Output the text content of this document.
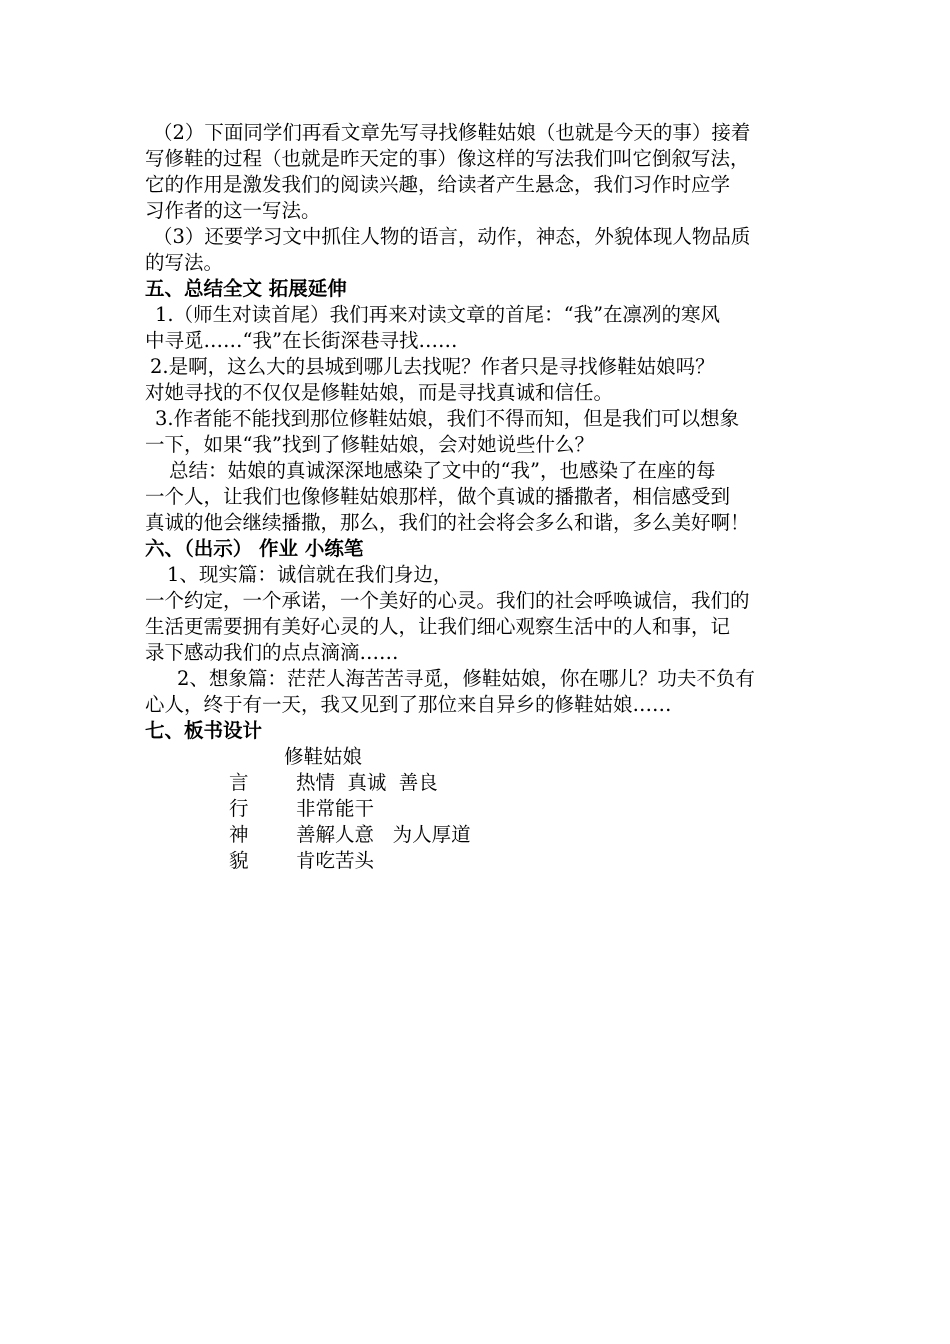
（2）下面同学们再看文章先写寻找修鞋姑娘（也就是今天的事）接着
写修鞋的过程（也就是昨天定的事）像这样的写法我们叫它倒叙写法，
它的作用是激发我们的阅读兴趣，给读者产生悬念，我们习作时应学
习作者的这一写法。
（3）还要学习文中抓住人物的语言，动作，神态，外貌体现人物品质
的写法。
五、总结全文 拓展延伸
1.（师生对读首尾）我们再来对读文章的首尾：“我”在凛冽的寒风
中寻觅……“我”在长街深巷寻找……
2.是啊，这么大的县城到哪儿去找呢？作者只是寻找修鞋姑娘吗？
对她寻找的不仅仅是修鞋姑娘，而是寻找真诚和信任。
3.作者能不能找到那位修鞋姑娘，我们不得而知，但是我们可以想象
一下，如果“我”找到了修鞋姑娘，会对她说些什么？
总结：姑娘的真诚深深地感染了文中的“我”，也感染了在座的每
一个人，让我们也像修鞋姑娘那样，做个真诚的播撒者，相信感受到
真诚的他会继续播撒，那么，我们的社会将会多么和谐，多么美好啊！
六、（出示） 作业 小练笔
1、现实篇：诚信就在我们身边，
一个约定，一个承诺，一个美好的心灵。我们的社会呼唤诚信，我们的
生活更需要拥有美好心灵的人，让我们细心观察生活中的人和事，记
录下感动我们的点点滴滴……
2、想象篇：茫茫人海苦苦寻觅，修鞋姑娘，你在哪儿？功夫不负有
心人，终于有一天，我又见到了那位来自异乡的修鞋姑娘……
七、板书设计
修鞋姑娘
言 热情  真诚  善良
行 非常能干
神 善解人意   为人厚道
貌 肯吃苦头
